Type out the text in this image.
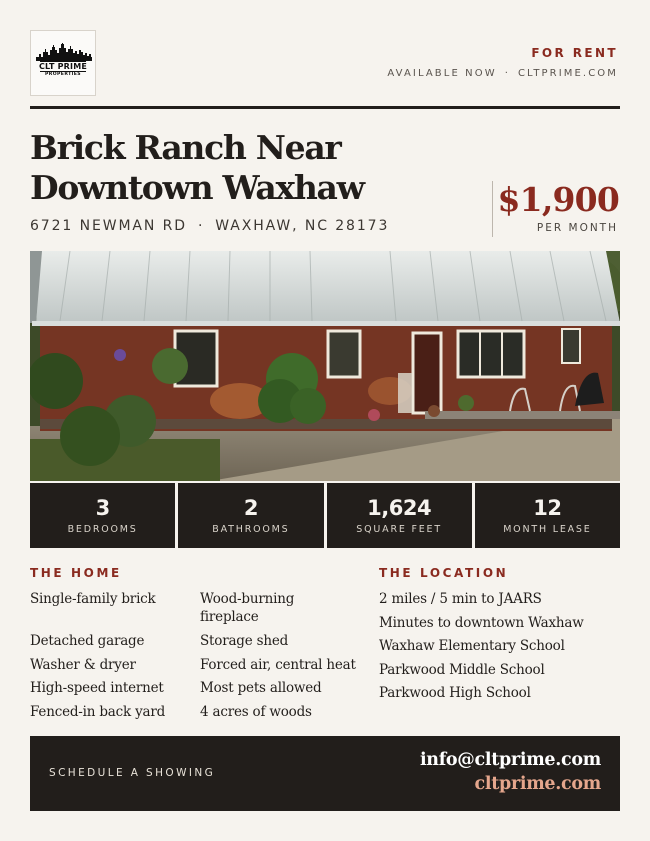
CLT PRIME
PROPERTIES
FOR RENT
AVAILABLE NOW · CLTPRIME.COM
Brick Ranch Near
Downtown Waxhaw
6721 NEWMAN RD · WAXHAW, NC 28173
$1,900
PER MONTH
3
BEDROOMS
2
BATHROOMS
1,624
SQUARE FEET
12
MONTH LEASE
THE HOME
Single-family brick
Detached garage
Washer & dryer
High-speed internet
Fenced-in back yard
Wood-burning fireplace
Storage shed
Forced air, central heat
Most pets allowed
4 acres of woods
THE LOCATION
2 miles / 5 min to JAARS
Minutes to downtown Waxhaw
Waxhaw Elementary School
Parkwood Middle School
Parkwood High School
SCHEDULE A SHOWING
info@cltprime.com
cltprime.com
